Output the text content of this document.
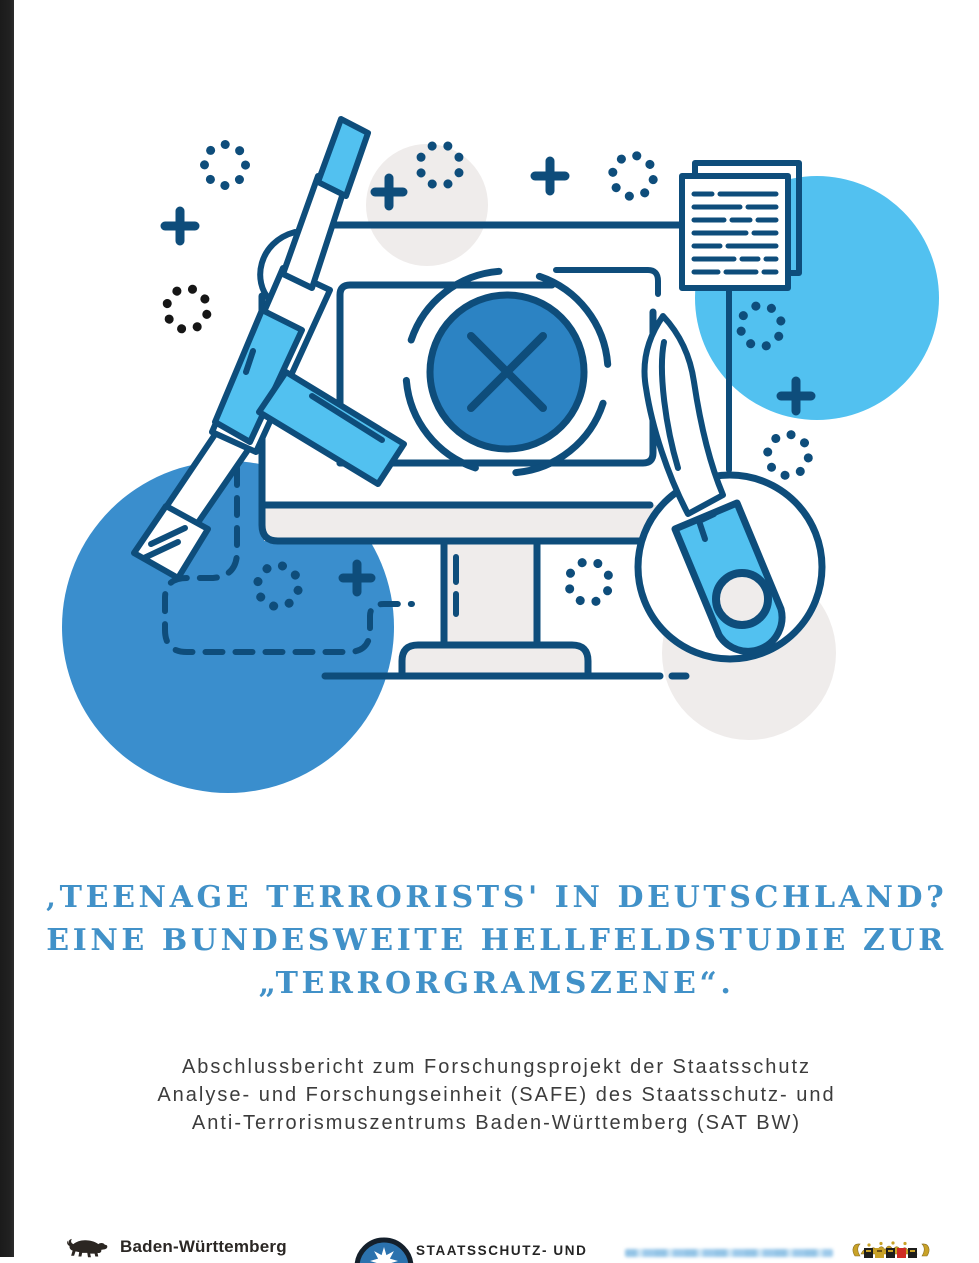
‚TEENAGE TERRORISTS' IN DEUTSCHLAND?
EINE BUNDESWEITE HELLFELDSTUDIE ZUR
„TERRORGRAMSZENE“.

Abschlussbericht zum Forschungsprojekt der Staatsschutz
Analyse- und Forschungseinheit (SAFE) des Staatsschutz- und
Anti-Terrorismuszentrums Baden-Württemberg (SAT BW)

Baden-Württemberg	STAATSSCHUTZ- UND
